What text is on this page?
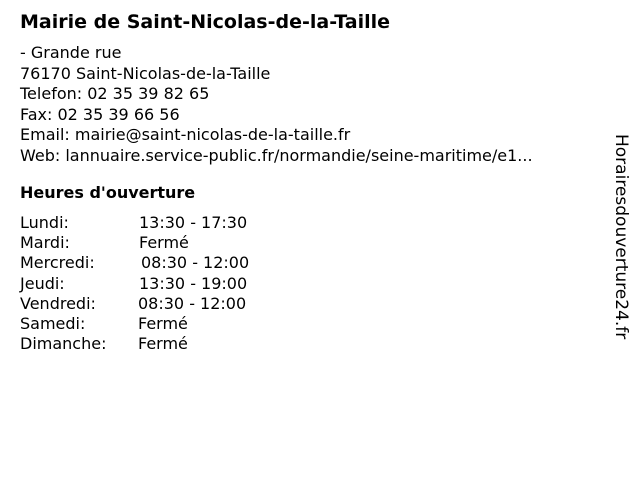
Mairie de Saint-Nicolas-de-la-Taille
- Grande rue
76170 Saint-Nicolas-de-la-Taille
Telefon: 02 35 39 82 65
Fax: 02 35 39 66 56
Email: mairie@saint-nicolas-de-la-taille.fr
Web: lannuaire.service-public.fr/normandie/seine-maritime/e1...
Heures d'ouverture
Lundi:	13:30 - 17:30
Mardi:	Fermé
Mercredi:	08:30 - 12:00
Jeudi:	13:30 - 19:00
Vendredi:	08:30 - 12:00
Samedi:	Fermé
Dimanche: Fermé
Horairesdouverture24.fr
